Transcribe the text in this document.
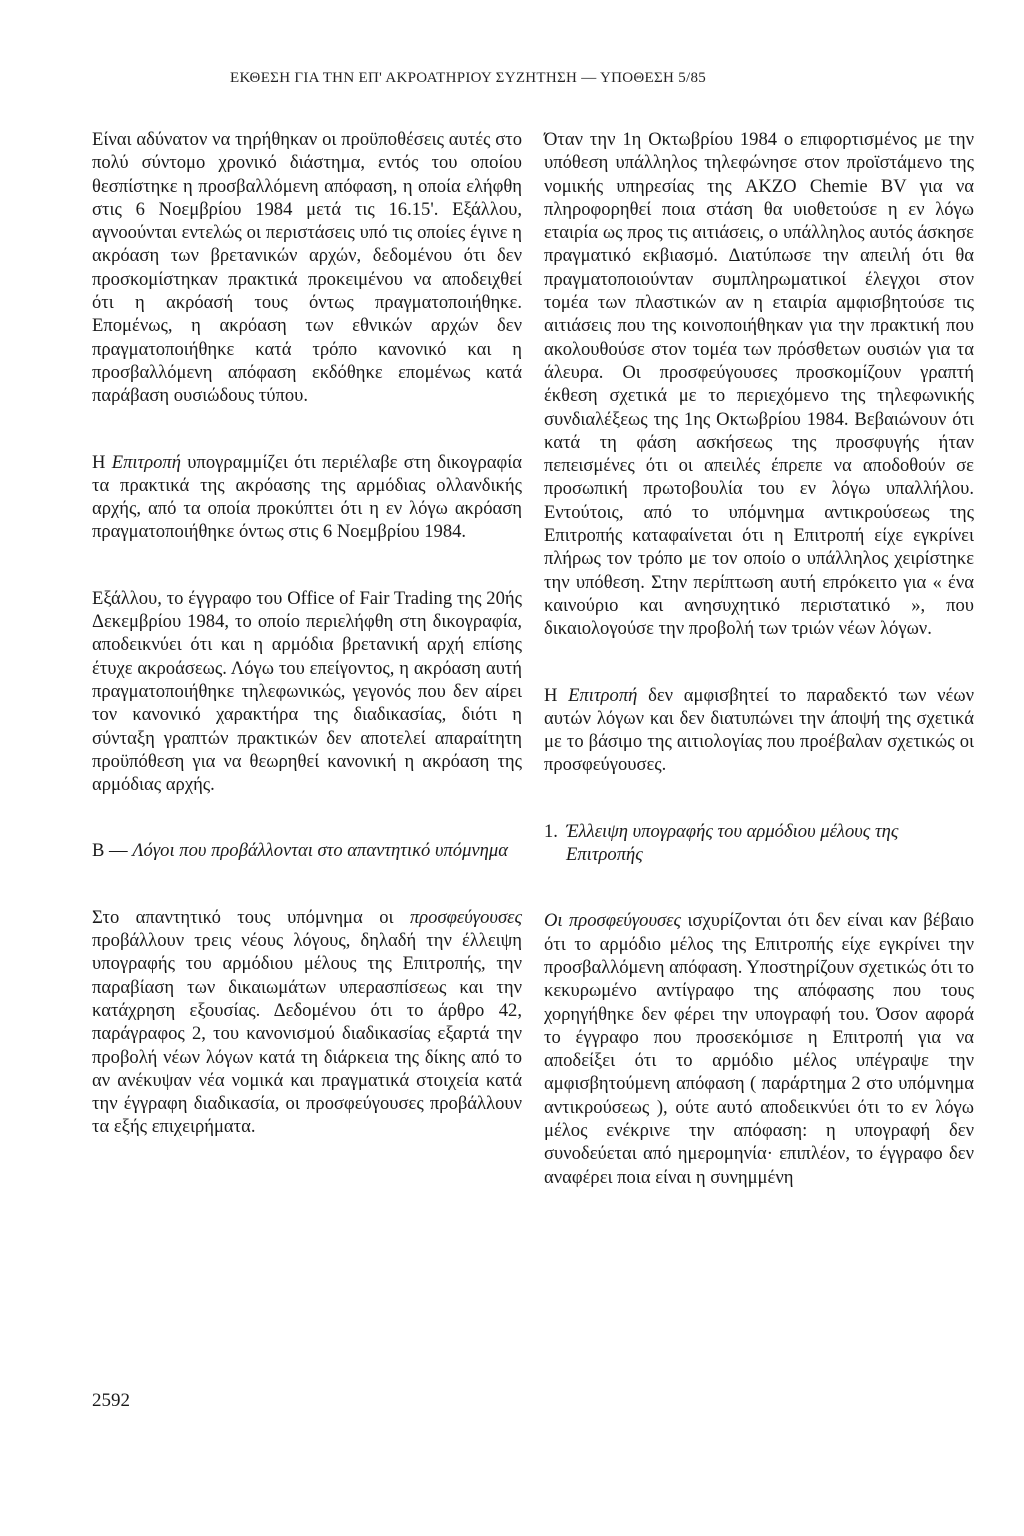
ΕΚΘΕΣΗ ΓΙΑ ΤΗΝ ΕΠ' ΑΚΡΟΑΤΗΡΙΟΥ ΣΥΖΗΤΗΣΗ — ΥΠΟΘΕΣΗ 5/85

Είναι αδύνατον να τηρήθηκαν οι προϋποθέσεις αυτές στο πολύ σύντομο χρονικό διάστημα, εντός του οποίου θεσπίστηκε η προσβαλλόμενη απόφαση, η οποία ελήφθη στις 6 Νοεμβρίου 1984 μετά τις 16.15'. Εξάλλου, αγνοούνται εντελώς οι περιστάσεις υπό τις οποίες έγινε η ακρόαση των βρετανικών αρχών, δεδομένου ότι δεν προσκομίστηκαν πρακτικά προκειμένου να αποδειχθεί ότι η ακρόασή τους όντως πραγματοποιήθηκε. Επομένως, η ακρόαση των εθνικών αρχών δεν πραγματοποιήθηκε κατά τρόπο κανονικό και η προσβαλλόμενη απόφαση εκδόθηκε επομένως κατά παράβαση ουσιώδους τύπου.

Η Επιτροπή υπογραμμίζει ότι περιέλαβε στη δικογραφία τα πρακτικά της ακρόασης της αρμόδιας ολλανδικής αρχής, από τα οποία προκύπτει ότι η εν λόγω ακρόαση πραγματοποιήθηκε όντως στις 6 Νοεμβρίου 1984.

Εξάλλου, το έγγραφο του Office of Fair Trading της 20ής Δεκεμβρίου 1984, το οποίο περιελήφθη στη δικογραφία, αποδεικνύει ότι και η αρμόδια βρετανική αρχή επίσης έτυχε ακροάσεως. Λόγω του επείγοντος, η ακρόαση αυτή πραγματοποιήθηκε τηλεφωνικώς, γεγονός που δεν αίρει τον κανονικό χαρακτήρα της διαδικασίας, διότι η σύνταξη γραπτών πρακτικών δεν αποτελεί απαραίτητη προϋπόθεση για να θεωρηθεί κανονική η ακρόαση της αρμόδιας αρχής.

B — Λόγοι που προβάλλονται στο απαντητικό υπόμνημα

Στο απαντητικό τους υπόμνημα οι προσφεύγουσες προβάλλουν τρεις νέους λόγους, δηλαδή την έλλειψη υπογραφής του αρμόδιου μέλους της Επιτροπής, την παραβίαση των δικαιωμάτων υπερασπίσεως και την κατάχρηση εξουσίας. Δεδομένου ότι το άρθρο 42, παράγραφος 2, του κανονισμού διαδικασίας εξαρτά την προβολή νέων λόγων κατά τη διάρκεια της δίκης από το αν ανέκυψαν νέα νομικά και πραγματικά στοιχεία κατά την έγγραφη διαδικασία, οι προσφεύγουσες προβάλλουν τα εξής επιχειρήματα.

Όταν την 1η Οκτωβρίου 1984 ο επιφορτισμένος με την υπόθεση υπάλληλος τηλεφώνησε στον προϊστάμενο της νομικής υπηρεσίας της AKZO Chemie BV για να πληροφορηθεί ποια στάση θα υιοθετούσε η εν λόγω εταιρία ως προς τις αιτιάσεις, ο υπάλληλος αυτός άσκησε πραγματικό εκβιασμό. Διατύπωσε την απειλή ότι θα πραγματοποιούνταν συμπληρωματικοί έλεγχοι στον τομέα των πλαστικών αν η εταιρία αμφισβητούσε τις αιτιάσεις που της κοινοποιήθηκαν για την πρακτική που ακολουθούσε στον τομέα των πρόσθετων ουσιών για τα άλευρα. Οι προσφεύγουσες προσκομίζουν γραπτή έκθεση σχετικά με το περιεχόμενο της τηλεφωνικής συνδιαλέξεως της 1ης Οκτωβρίου 1984. Βεβαιώνουν ότι κατά τη φάση ασκήσεως της προσφυγής ήταν πεπεισμένες ότι οι απειλές έπρεπε να αποδοθούν σε προσωπική πρωτοβουλία του εν λόγω υπαλλήλου. Εντούτοις, από το υπόμνημα αντικρούσεως της Επιτροπής καταφαίνεται ότι η Επιτροπή είχε εγκρίνει πλήρως τον τρόπο με τον οποίο ο υπάλληλος χειρίστηκε την υπόθεση. Στην περίπτωση αυτή επρόκειτο για « ένα καινούριο και ανησυχητικό περιστατικό », που δικαιολογούσε την προβολή των τριών νέων λόγων.

Η Επιτροπή δεν αμφισβητεί το παραδεκτό των νέων αυτών λόγων και δεν διατυπώνει την άποψή της σχετικά με το βάσιμο της αιτιολογίας που προέβαλαν σχετικώς οι προσφεύγουσες.

1. Έλλειψη υπογραφής του αρμόδιου μέλους της Επιτροπής

Οι προσφεύγουσες ισχυρίζονται ότι δεν είναι καν βέβαιο ότι το αρμόδιο μέλος της Επιτροπής είχε εγκρίνει την προσβαλλόμενη απόφαση. Υποστηρίζουν σχετικώς ότι το κεκυρωμένο αντίγραφο της απόφασης που τους χορηγήθηκε δεν φέρει την υπογραφή του. Όσον αφορά το έγγραφο που προσεκόμισε η Επιτροπή για να αποδείξει ότι το αρμόδιο μέλος υπέγραψε την αμφισβητούμενη απόφαση ( παράρτημα 2 στο υπόμνημα αντικρούσεως ), ούτε αυτό αποδεικνύει ότι το εν λόγω μέλος ενέκρινε την απόφαση: η υπογραφή δεν συνοδεύεται από ημερομηνία· επιπλέον, το έγγραφο δεν αναφέρει ποια είναι η συνημμένη

2592
